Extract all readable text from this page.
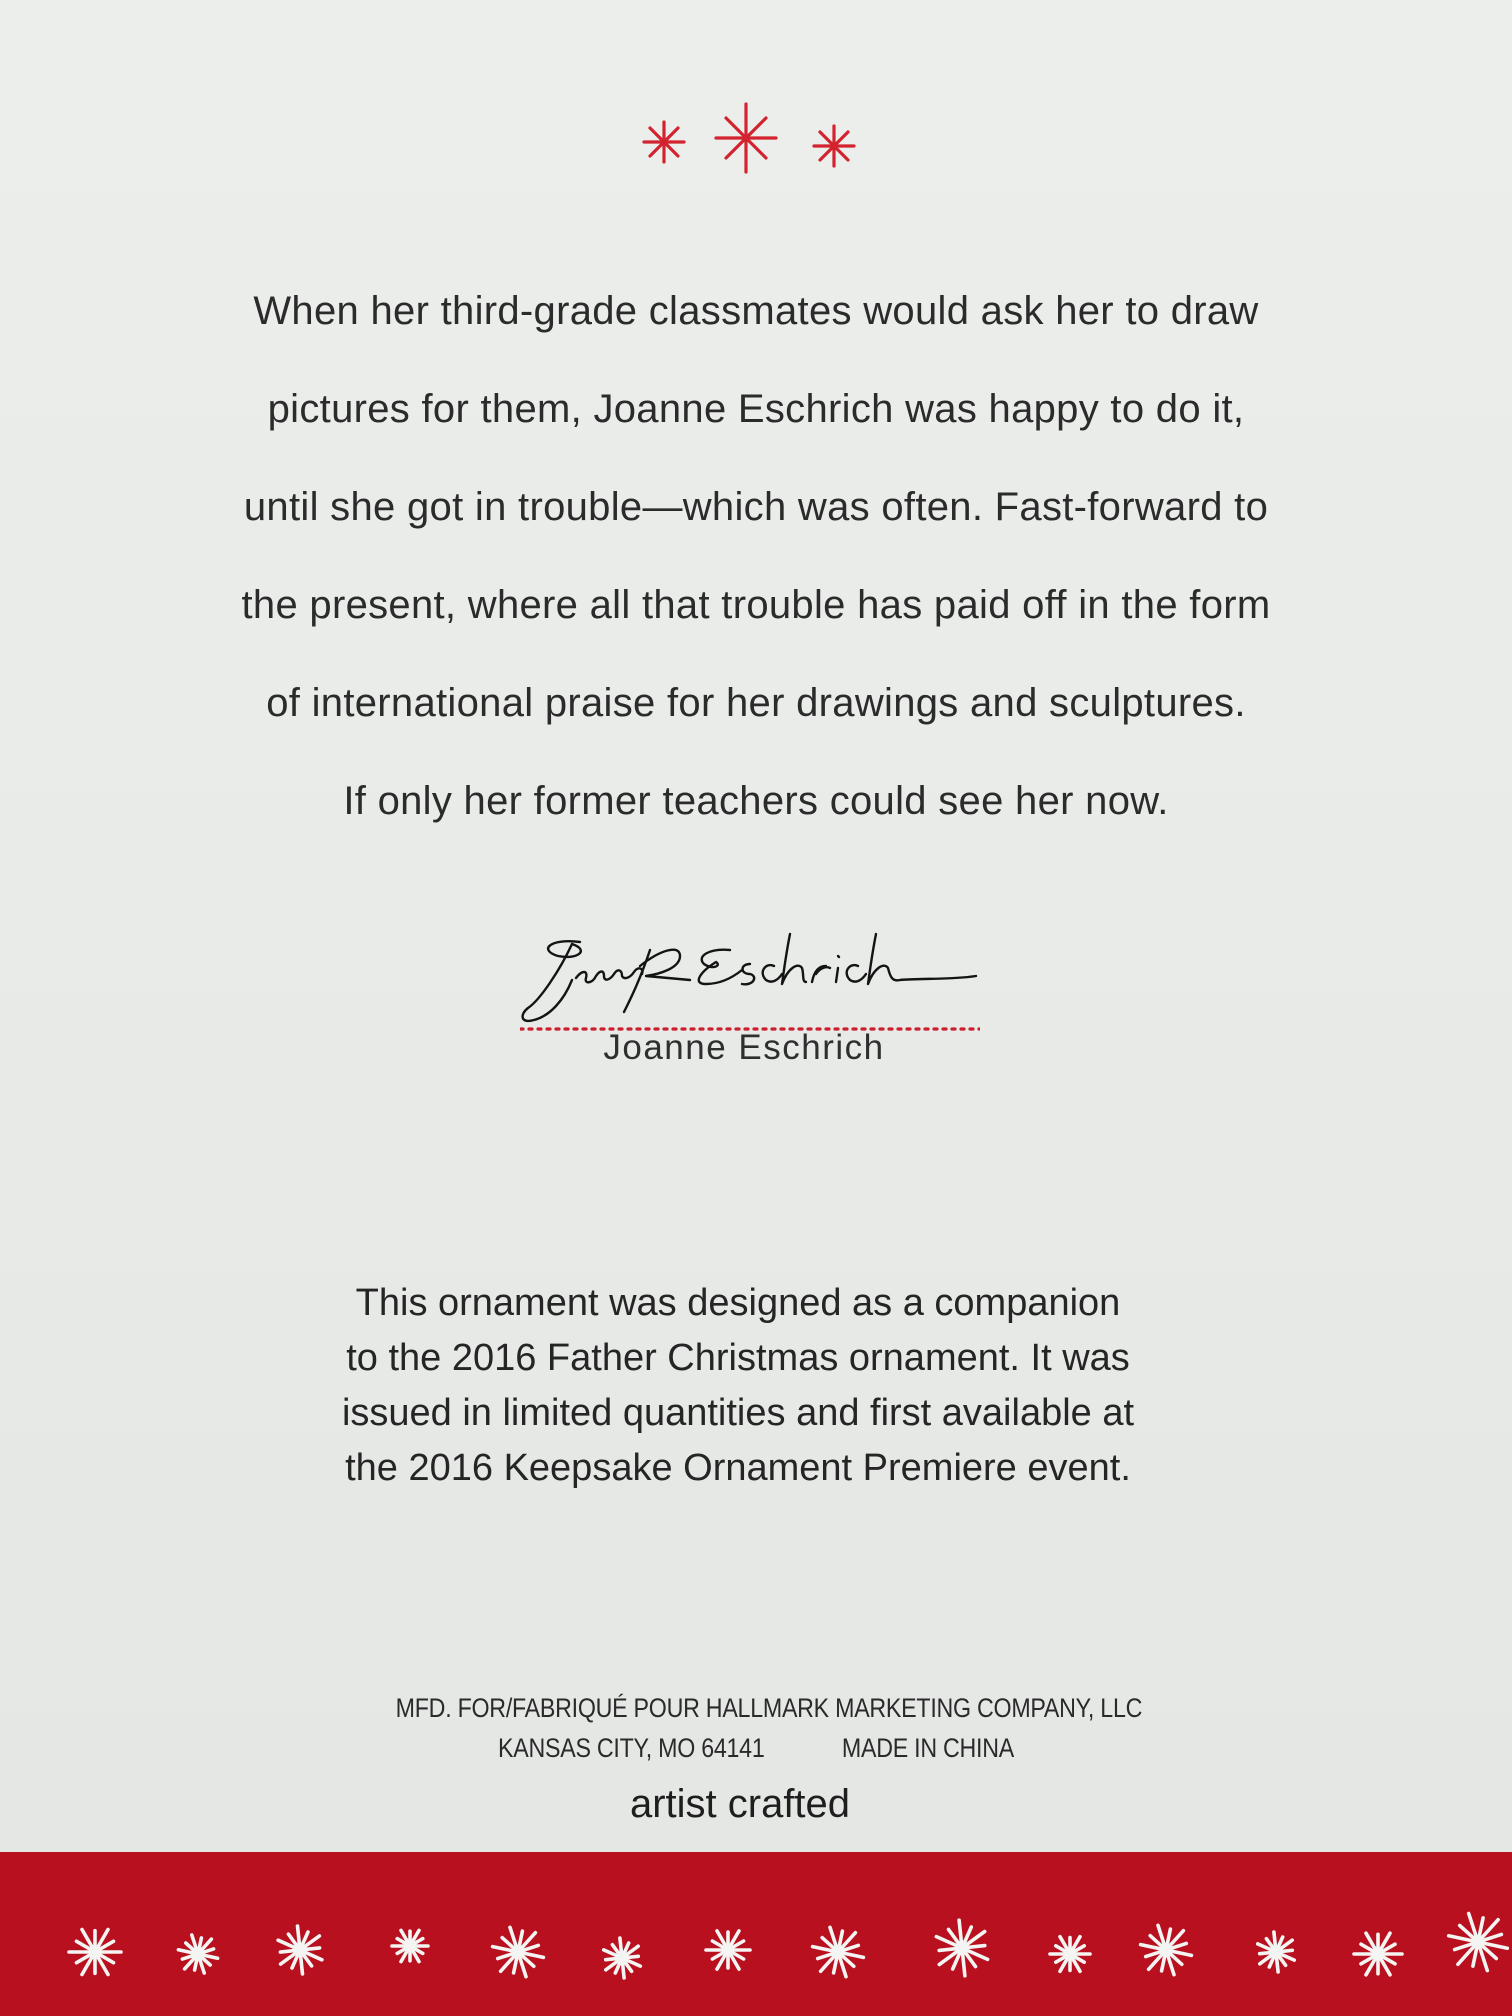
When her third-grade classmates would ask her to draw
pictures for them, Joanne Eschrich was happy to do it,
until she got in trouble—which was often. Fast-forward to
the present, where all that trouble has paid off in the form
of international praise for her drawings and sculptures.
If only her former teachers could see her now.
Joanne Eschrich
This ornament was designed as a companion
to the 2016 Father Christmas ornament. It was
issued in limited quantities and first available at
the 2016 Keepsake Ornament Premiere event.
MFD. FOR/FABRIQUÉ POUR HALLMARK MARKETING COMPANY, LLC
KANSAS CITY, MO 64141	MADE IN CHINA
artist crafted
